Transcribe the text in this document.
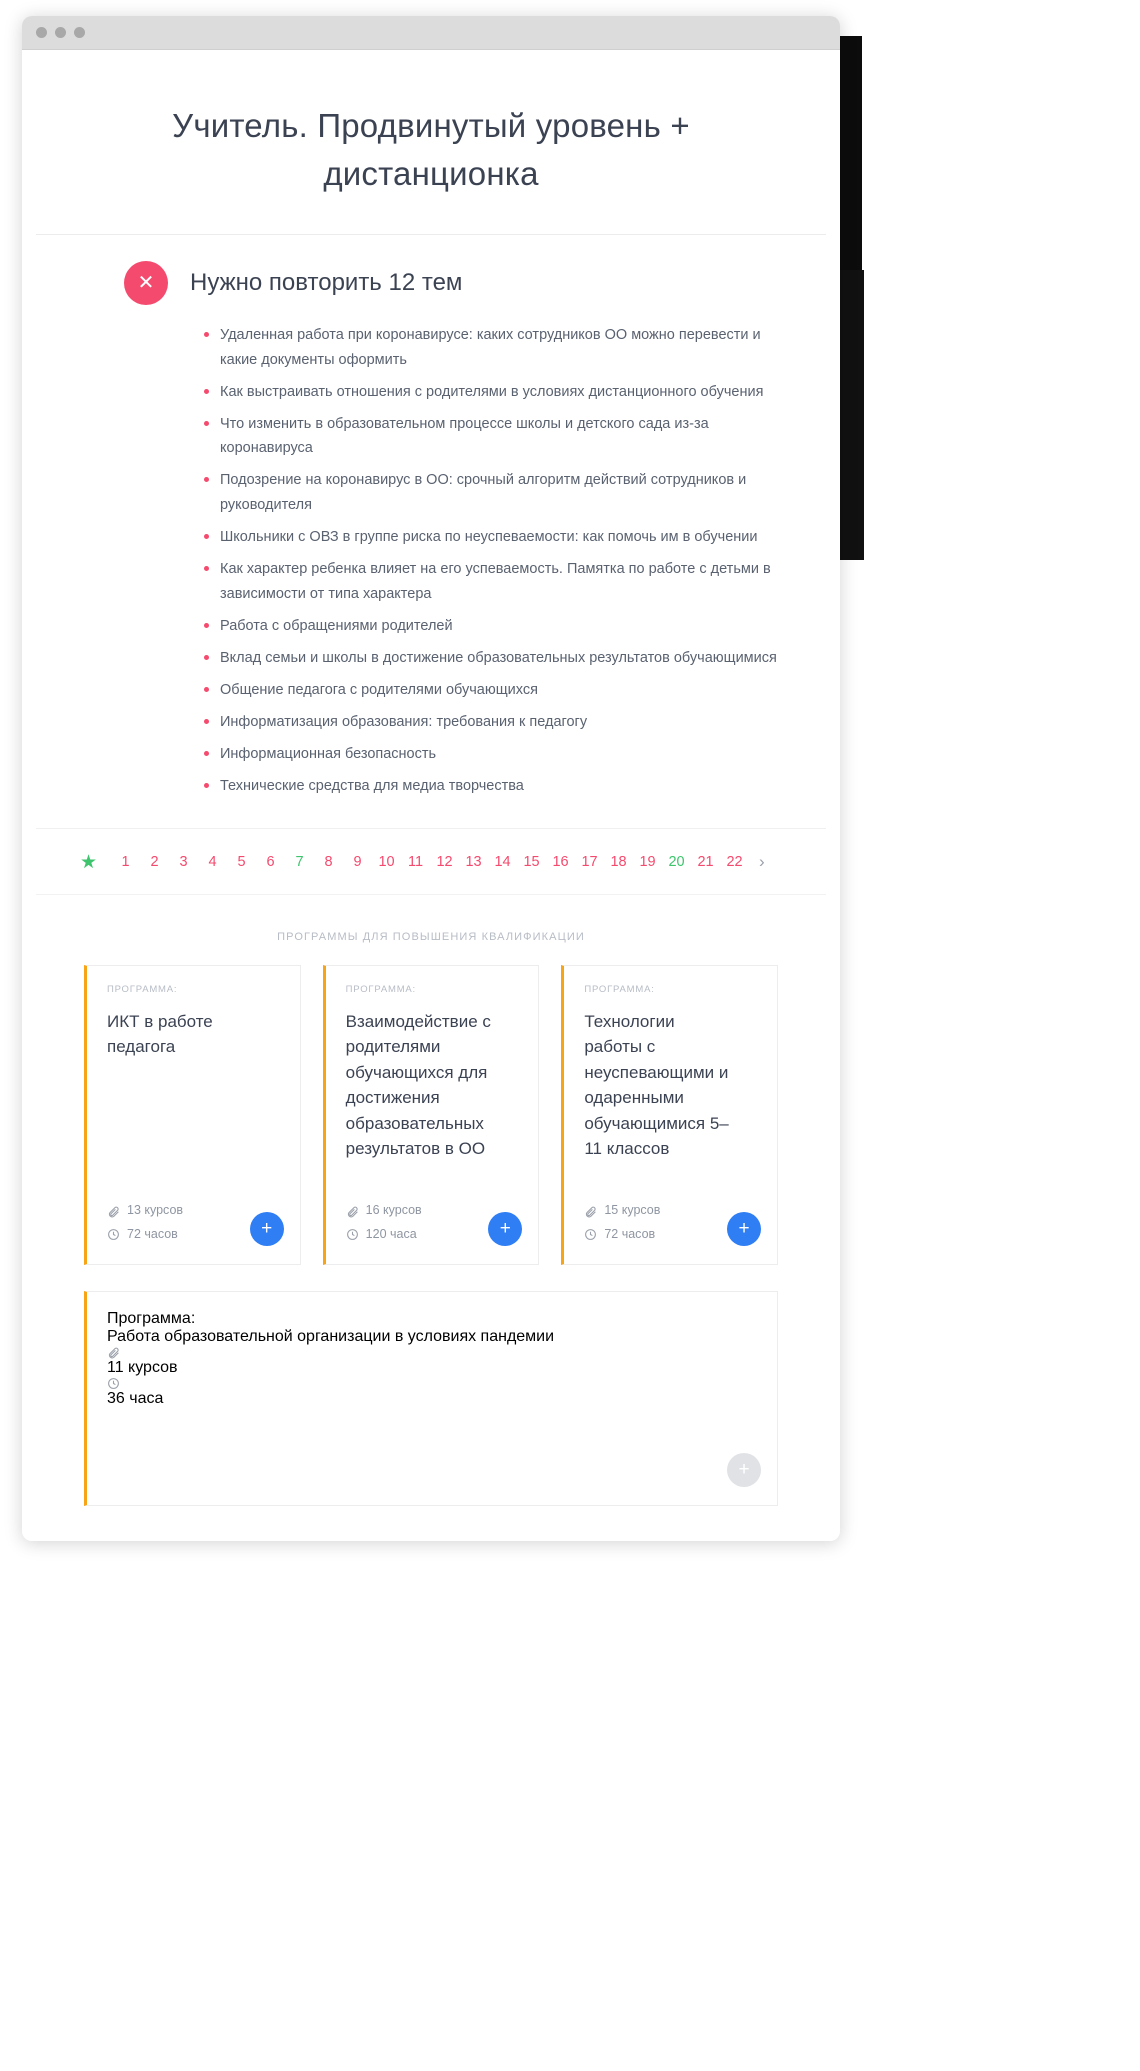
Учитель. Продвинутый уровень + дистанционка
✕	Нужно повторить 12 тем
Удаленная работа при коронавирусе: каких сотрудников ОО можно перевести и какие документы оформить
Как выстраивать отношения с родителями в условиях дистанционного обучения
Что изменить в образовательном процессе школы и детского сада из-за коронавируса
Подозрение на коронавирус в ОО: срочный алгоритм действий сотрудников и руководителя
Школьники с ОВЗ в группе риска по неуспеваемости: как помочь им в обучении
Как характер ребенка влияет на его успеваемость. Памятка по работе с детьми в зависимости от типа характера
Работа с обращениями родителей
Вклад семьи и школы в достижение образовательных результатов обучающимися
Общение педагога с родителями обучающихся
Информатизация образования: требования к педагогу
Информационная безопасность
Технические средства для медиа творчества
★	1	2	3	4	5	6	7	8	9	10 11 12 13 14 15 16 17 18 19 20 21 22 ›
ПРОГРАММЫ ДЛЯ ПОВЫШЕНИЯ КВАЛИФИКАЦИИ
ПРОГРАММА:
ИКТ в работе педагога
13 курсов
72 часов	+
ПРОГРАММА:
Взаимодействие с родителями обучающихся для достижения образовательных результатов в ОО
16 курсов
120 часа	+
ПРОГРАММА:
Технологии работы с неуспевающими и одаренными обучающимися 5–11 классов
15 курсов
72 часов	+
Программа:
Работа образовательной организации в условиях пандемии
11 курсов
36 часа
+
